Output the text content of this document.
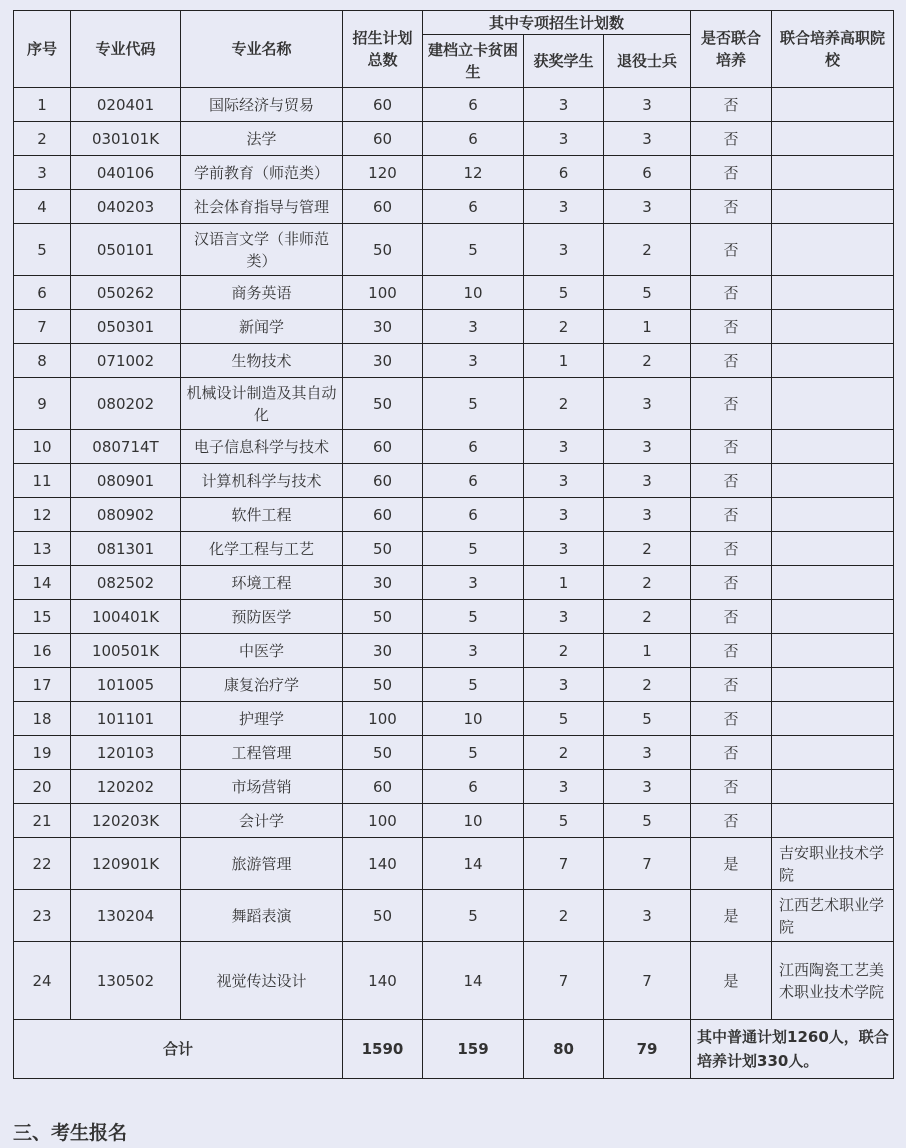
序号	专业代码	专业名称	招生计划总数	其中专项招生计划数			是否联合培养	联合培养高职院校
				建档立卡贫困生	获奖学生	退役士兵		
1	020401	国际经济与贸易	60	6	3	3	否	
2	030101K	法学	60	6	3	3	否	
3	040106	学前教育（师范类）	120	12	6	6	否	
4	040203	社会体育指导与管理	60	6	3	3	否	
5	050101	汉语言文学（非师范类）	50	5	3	2	否	
6	050262	商务英语	100	10	5	5	否	
7	050301	新闻学	30	3	2	1	否	
8	071002	生物技术	30	3	1	2	否	
9	080202	机械设计制造及其自动化	50	5	2	3	否	
10	080714T	电子信息科学与技术	60	6	3	3	否	
11	080901	计算机科学与技术	60	6	3	3	否	
12	080902	软件工程	60	6	3	3	否	
13	081301	化学工程与工艺	50	5	3	2	否	
14	082502	环境工程	30	3	1	2	否	
15	100401K	预防医学	50	5	3	2	否	
16	100501K	中医学	30	3	2	1	否	
17	101005	康复治疗学	50	5	3	2	否	
18	101101	护理学	100	10	5	5	否	
19	120103	工程管理	50	5	2	3	否	
20	120202	市场营销	60	6	3	3	否	
21	120203K	会计学	100	10	5	5	否	
22	120901K	旅游管理	140	14	7	7	是	吉安职业技术学院
23	130204	舞蹈表演	50	5	2	3	是	江西艺术职业学院
24	130502	视觉传达设计	140	14	7	7	是	江西陶瓷工艺美术职业技术学院
合计			1590	159	80	79	其中普通计划1260人，联合培养计划330人。	
三、考生报名
